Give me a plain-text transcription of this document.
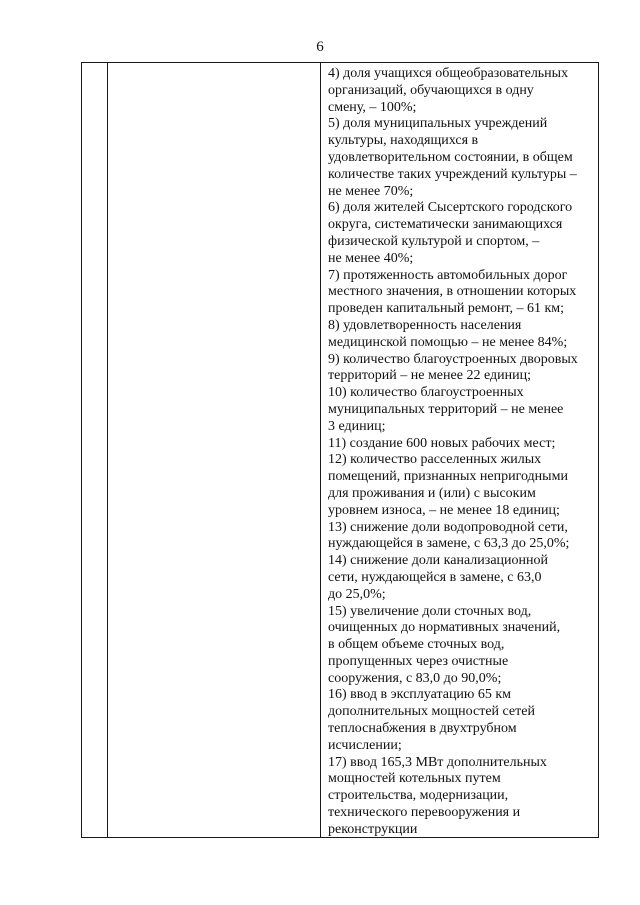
6
4) доля учащихся общеобразовательных
организаций, обучающихся в одну
смену, – 100%;
5) доля муниципальных учреждений
культуры, находящихся в
удовлетворительном состоянии, в общем
количестве таких учреждений культуры –
не менее 70%;
6) доля жителей Сысертского городского
округа, систематически занимающихся
физической культурой и спортом, –
не менее 40%;
7) протяженность автомобильных дорог
местного значения, в отношении которых
проведен капитальный ремонт, – 61 км;
8) удовлетворенность населения
медицинской помощью – не менее 84%;
9) количество благоустроенных дворовых
территорий – не менее 22 единиц;
10) количество благоустроенных
муниципальных территорий – не менее
3 единиц;
11) создание 600 новых рабочих мест;
12) количество расселенных жилых
помещений, признанных непригодными
для проживания и (или) с высоким
уровнем износа, – не менее 18 единиц;
13) снижение доли водопроводной сети,
нуждающейся в замене, с 63,3 до 25,0%;
14) снижение доли канализационной
сети, нуждающейся в замене, с 63,0
до 25,0%;
15) увеличение доли сточных вод,
очищенных до нормативных значений,
в общем объеме сточных вод,
пропущенных через очистные
сооружения, с 83,0 до 90,0%;
16) ввод в эксплуатацию 65 км
дополнительных мощностей сетей
теплоснабжения в двухтрубном
исчислении;
17) ввод 165,3 МВт дополнительных
мощностей котельных путем
строительства, модернизации,
технического перевооружения и
реконструкции
